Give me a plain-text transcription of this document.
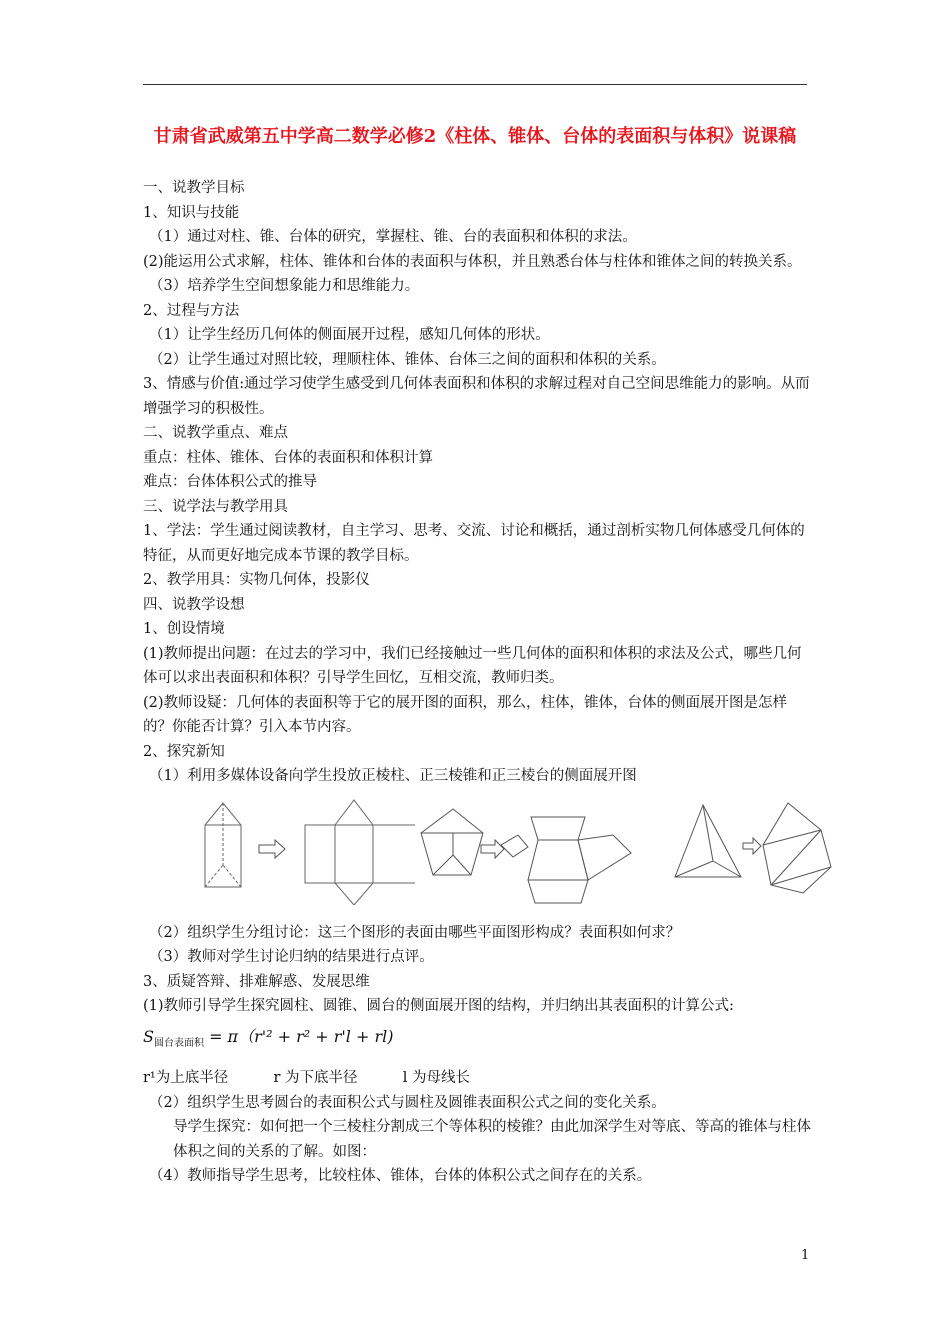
甘肃省武威第五中学高二数学必修2《柱体、锥体、台体的表面积与体积》说课稿

一、说教学目标

1、知识与技能

（1）通过对柱、锥、台体的研究，掌握柱、锥、台的表面积和体积的求法。

(2)能运用公式求解，柱体、锥体和台体的表面积与体积，并且熟悉台体与柱体和锥体之间的转换关系。

（3）培养学生空间想象能力和思维能力。

2、过程与方法

（1）让学生经历几何体的侧面展开过程，感知几何体的形状。

（2）让学生通过对照比较，理顺柱体、锥体、台体三之间的面积和体积的关系。

3、情感与价值:通过学习使学生感受到几何体表面积和体积的求解过程对自己空间思维能力的影响。从而增强学习的积极性。

二、说教学重点、难点

重点：柱体、锥体、台体的表面积和体积计算

难点：台体体积公式的推导

三、说学法与教学用具

1、学法：学生通过阅读教材，自主学习、思考、交流、讨论和概括，通过剖析实物几何体感受几何体的特征，从而更好地完成本节课的教学目标。

2、教学用具：实物几何体，投影仪

四、说教学设想

1、创设情境

(1)教师提出问题：在过去的学习中，我们已经接触过一些几何体的面积和体积的求法及公式，哪些几何体可以求出表面积和体积？引导学生回忆，互相交流，教师归类。

(2)教师设疑：几何体的表面积等于它的展开图的面积，那么，柱体，锥体，台体的侧面展开图是怎样的？你能否计算？引入本节内容。

2、探究新知

（1）利用多媒体设备向学生投放正棱柱、正三棱锥和正三棱台的侧面展开图

（2）组织学生分组讨论：这三个图形的表面由哪些平面图形构成？表面积如何求？

（3）教师对学生讨论归纳的结果进行点评。

3、质疑答辩、排难解惑、发展思维

(1)教师引导学生探究圆柱、圆锥、圆台的侧面展开图的结构，并归纳出其表面积的计算公式:

$S_{圆台表面积} = \pi(r'^2 + r^2 + r'l + rl)$

r¹为上底半径	r 为下底半径	l 为母线长

（2）组织学生思考圆台的表面积公式与圆柱及圆锥表面积公式之间的变化关系。

导学生探究：如何把一个三棱柱分割成三个等体积的棱锥？由此加深学生对等底、等高的锥体与柱体体积之间的关系的了解。如图：

（4）教师指导学生思考，比较柱体、锥体，台体的体积公式之间存在的关系。

1
